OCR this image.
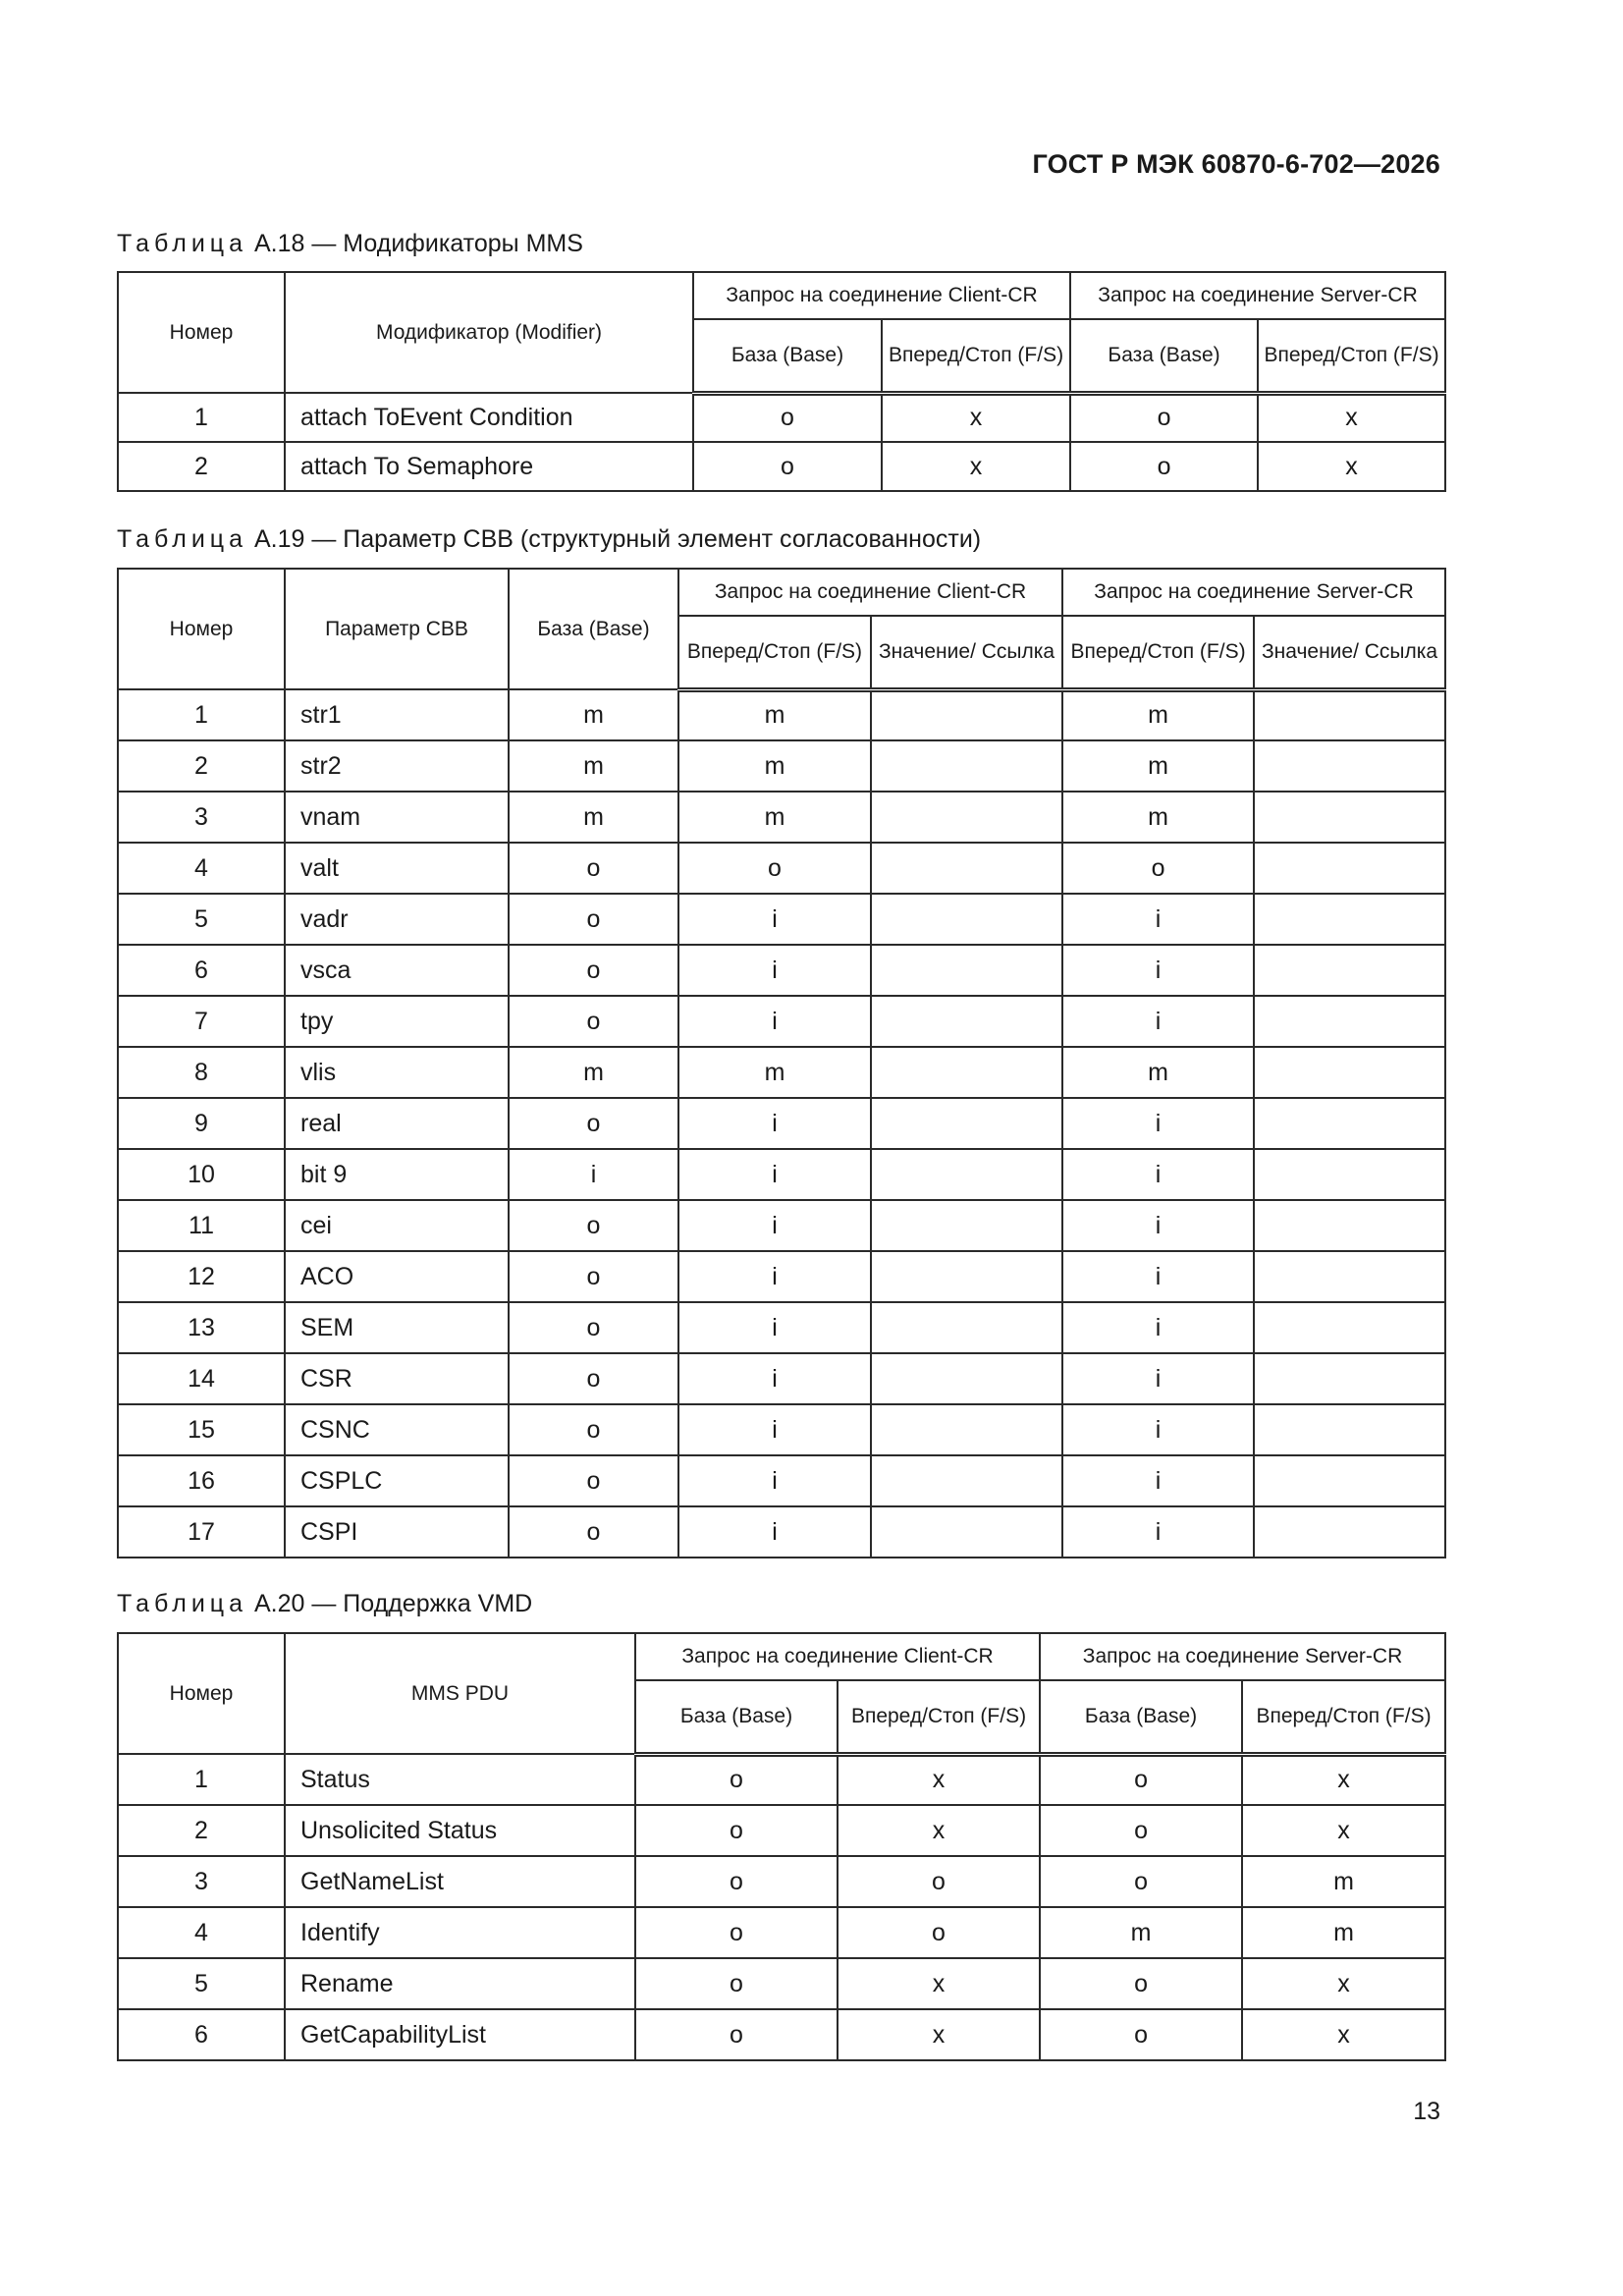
ГОСТ Р МЭК 60870-6-702—2026
Таблица А.18 — Модификаторы MMS
Номер	Модификатор (Modifier)	Запрос на соединение Client-CR		Запрос на соединение Server-CR	
		База (Base)	Вперед/Стоп (F/S)	База (Base)	Вперед/Стоп (F/S)
1	attach ToEvent Condition	o	x	o	x
2	attach To Semaphore	o	x	o	x
Таблица А.19 — Параметр CBB (структурный элемент согласованности)
Номер	Параметр CBB	База (Base)	Запрос на соединение Client-CR		Запрос на соединение Server-CR	
			Вперед/Стоп (F/S)	Значение/ Ссылка	Вперед/Стоп (F/S)	Значение/ Ссылка
1	str1	m	m		m	
2	str2	m	m		m	
3	vnam	m	m		m	
4	valt	o	o		o	
5	vadr	o	i		i	
6	vsca	o	i		i	
7	tpy	o	i		i	
8	vlis	m	m		m	
9	real	o	i		i	
10	bit 9	i	i		i	
11	cei	o	i		i	
12	ACO	o	i		i	
13	SEM	o	i		i	
14	CSR	o	i		i	
15	CSNC	o	i		i	
16	CSPLC	o	i		i	
17	CSPI	o	i		i	
Таблица А.20 — Поддержка VMD
Номер	MMS PDU	Запрос на соединение Client-CR		Запрос на соединение Server-CR	
		База (Base)	Вперед/Стоп (F/S)	База (Base)	Вперед/Стоп (F/S)
1	Status	o	x	o	x
2	Unsolicited Status	o	x	o	x
3	GetNameList	o	o	o	m
4	Identify	o	o	m	m
5	Rename	o	x	o	x
6	GetCapabilityList	o	x	o	x
13
